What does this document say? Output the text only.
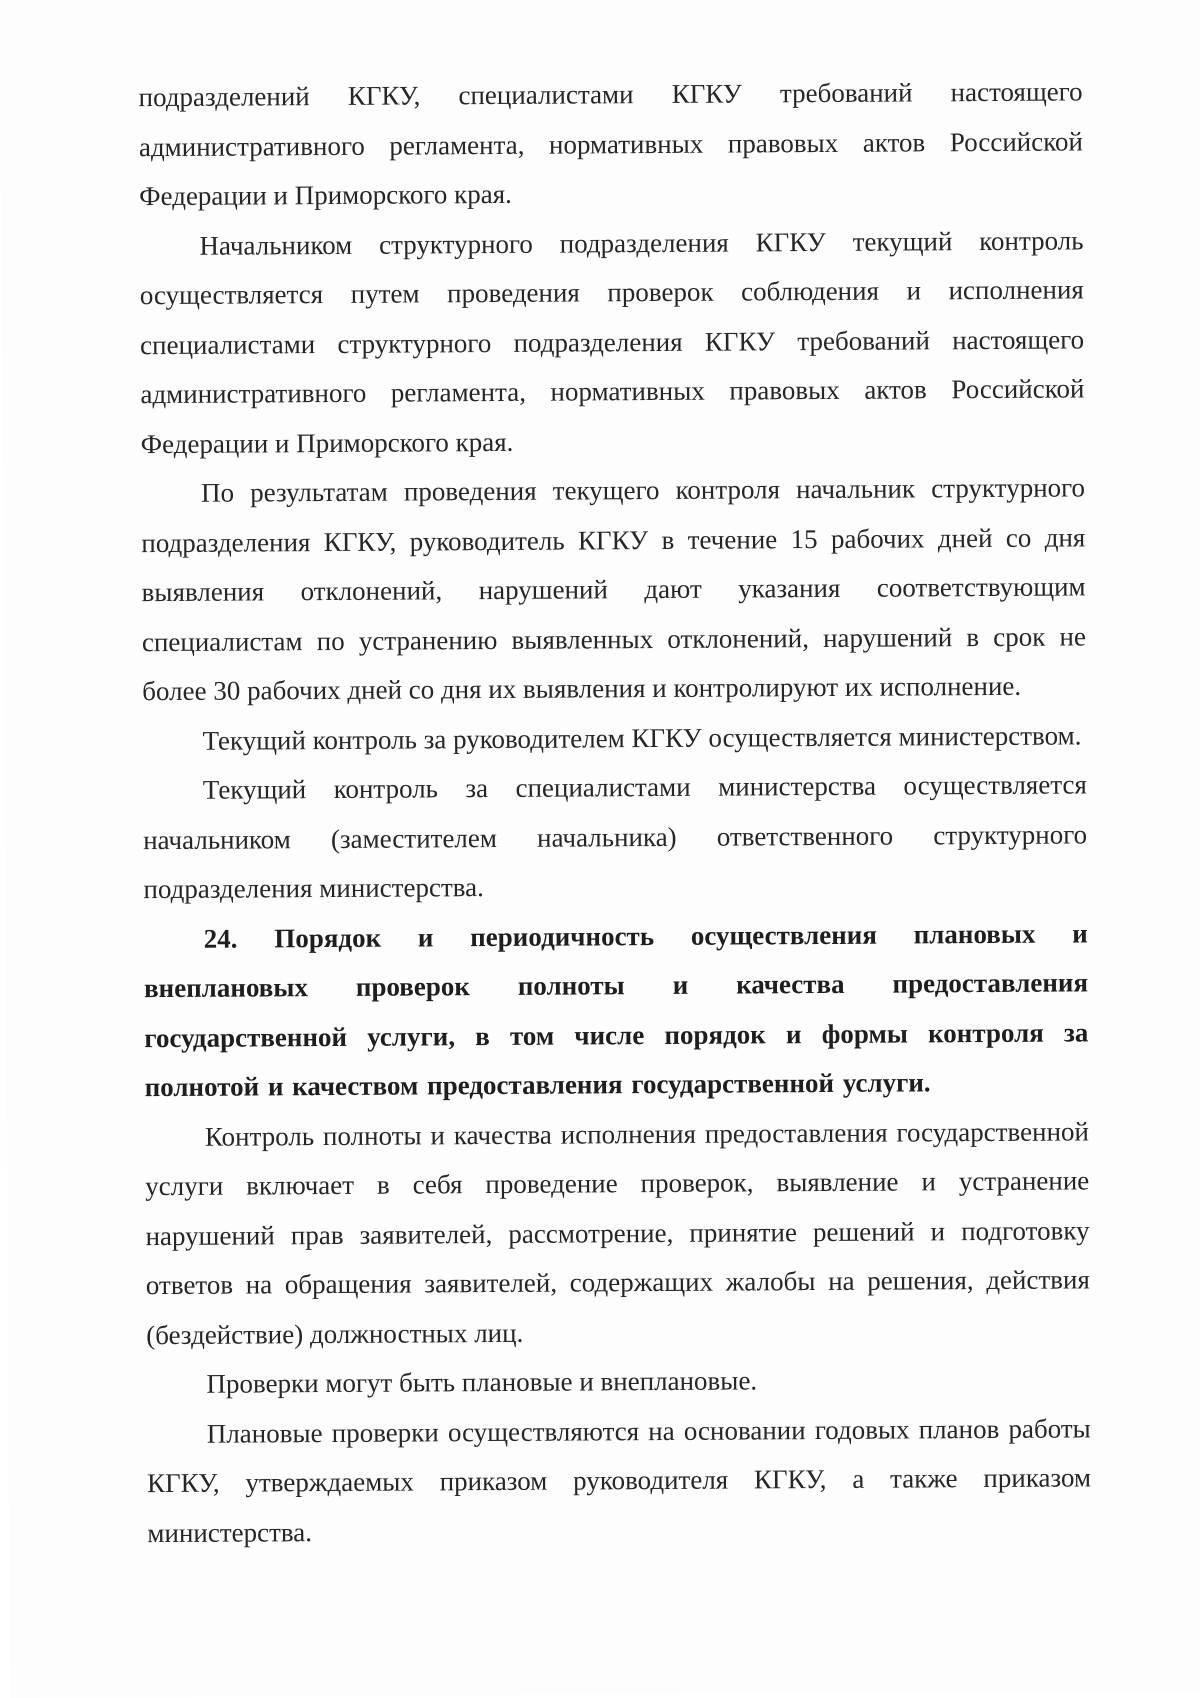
подразделений КГКУ, специалистами КГКУ требований настоящего административного регламента, нормативных правовых актов Российской Федерации и Приморского края.

Начальником структурного подразделения КГКУ текущий контроль осуществляется путем проведения проверок соблюдения и исполнения специалистами структурного подразделения КГКУ требований настоящего административного регламента, нормативных правовых актов Российской Федерации и Приморского края.

По результатам проведения текущего контроля начальник структурного подразделения КГКУ, руководитель КГКУ в течение 15 рабочих дней со дня выявления отклонений, нарушений дают указания соответствующим специалистам по устранению выявленных отклонений, нарушений в срок не более 30 рабочих дней со дня их выявления и контролируют их исполнение.

Текущий контроль за руководителем КГКУ осуществляется министерством.

Текущий контроль за специалистами министерства осуществляется начальником (заместителем начальника) ответственного структурного подразделения министерства.

24. Порядок и периодичность осуществления плановых и внеплановых проверок полноты и качества предоставления государственной услуги, в том числе порядок и формы контроля за полнотой и качеством предоставления государственной услуги.

Контроль полноты и качества исполнения предоставления государственной услуги включает в себя проведение проверок, выявление и устранение нарушений прав заявителей, рассмотрение, принятие решений и подготовку ответов на обращения заявителей, содержащих жалобы на решения, действия (бездействие) должностных лиц.

Проверки могут быть плановые и внеплановые.

Плановые проверки осуществляются на основании годовых планов работы КГКУ, утверждаемых приказом руководителя КГКУ, а также приказом министерства.
